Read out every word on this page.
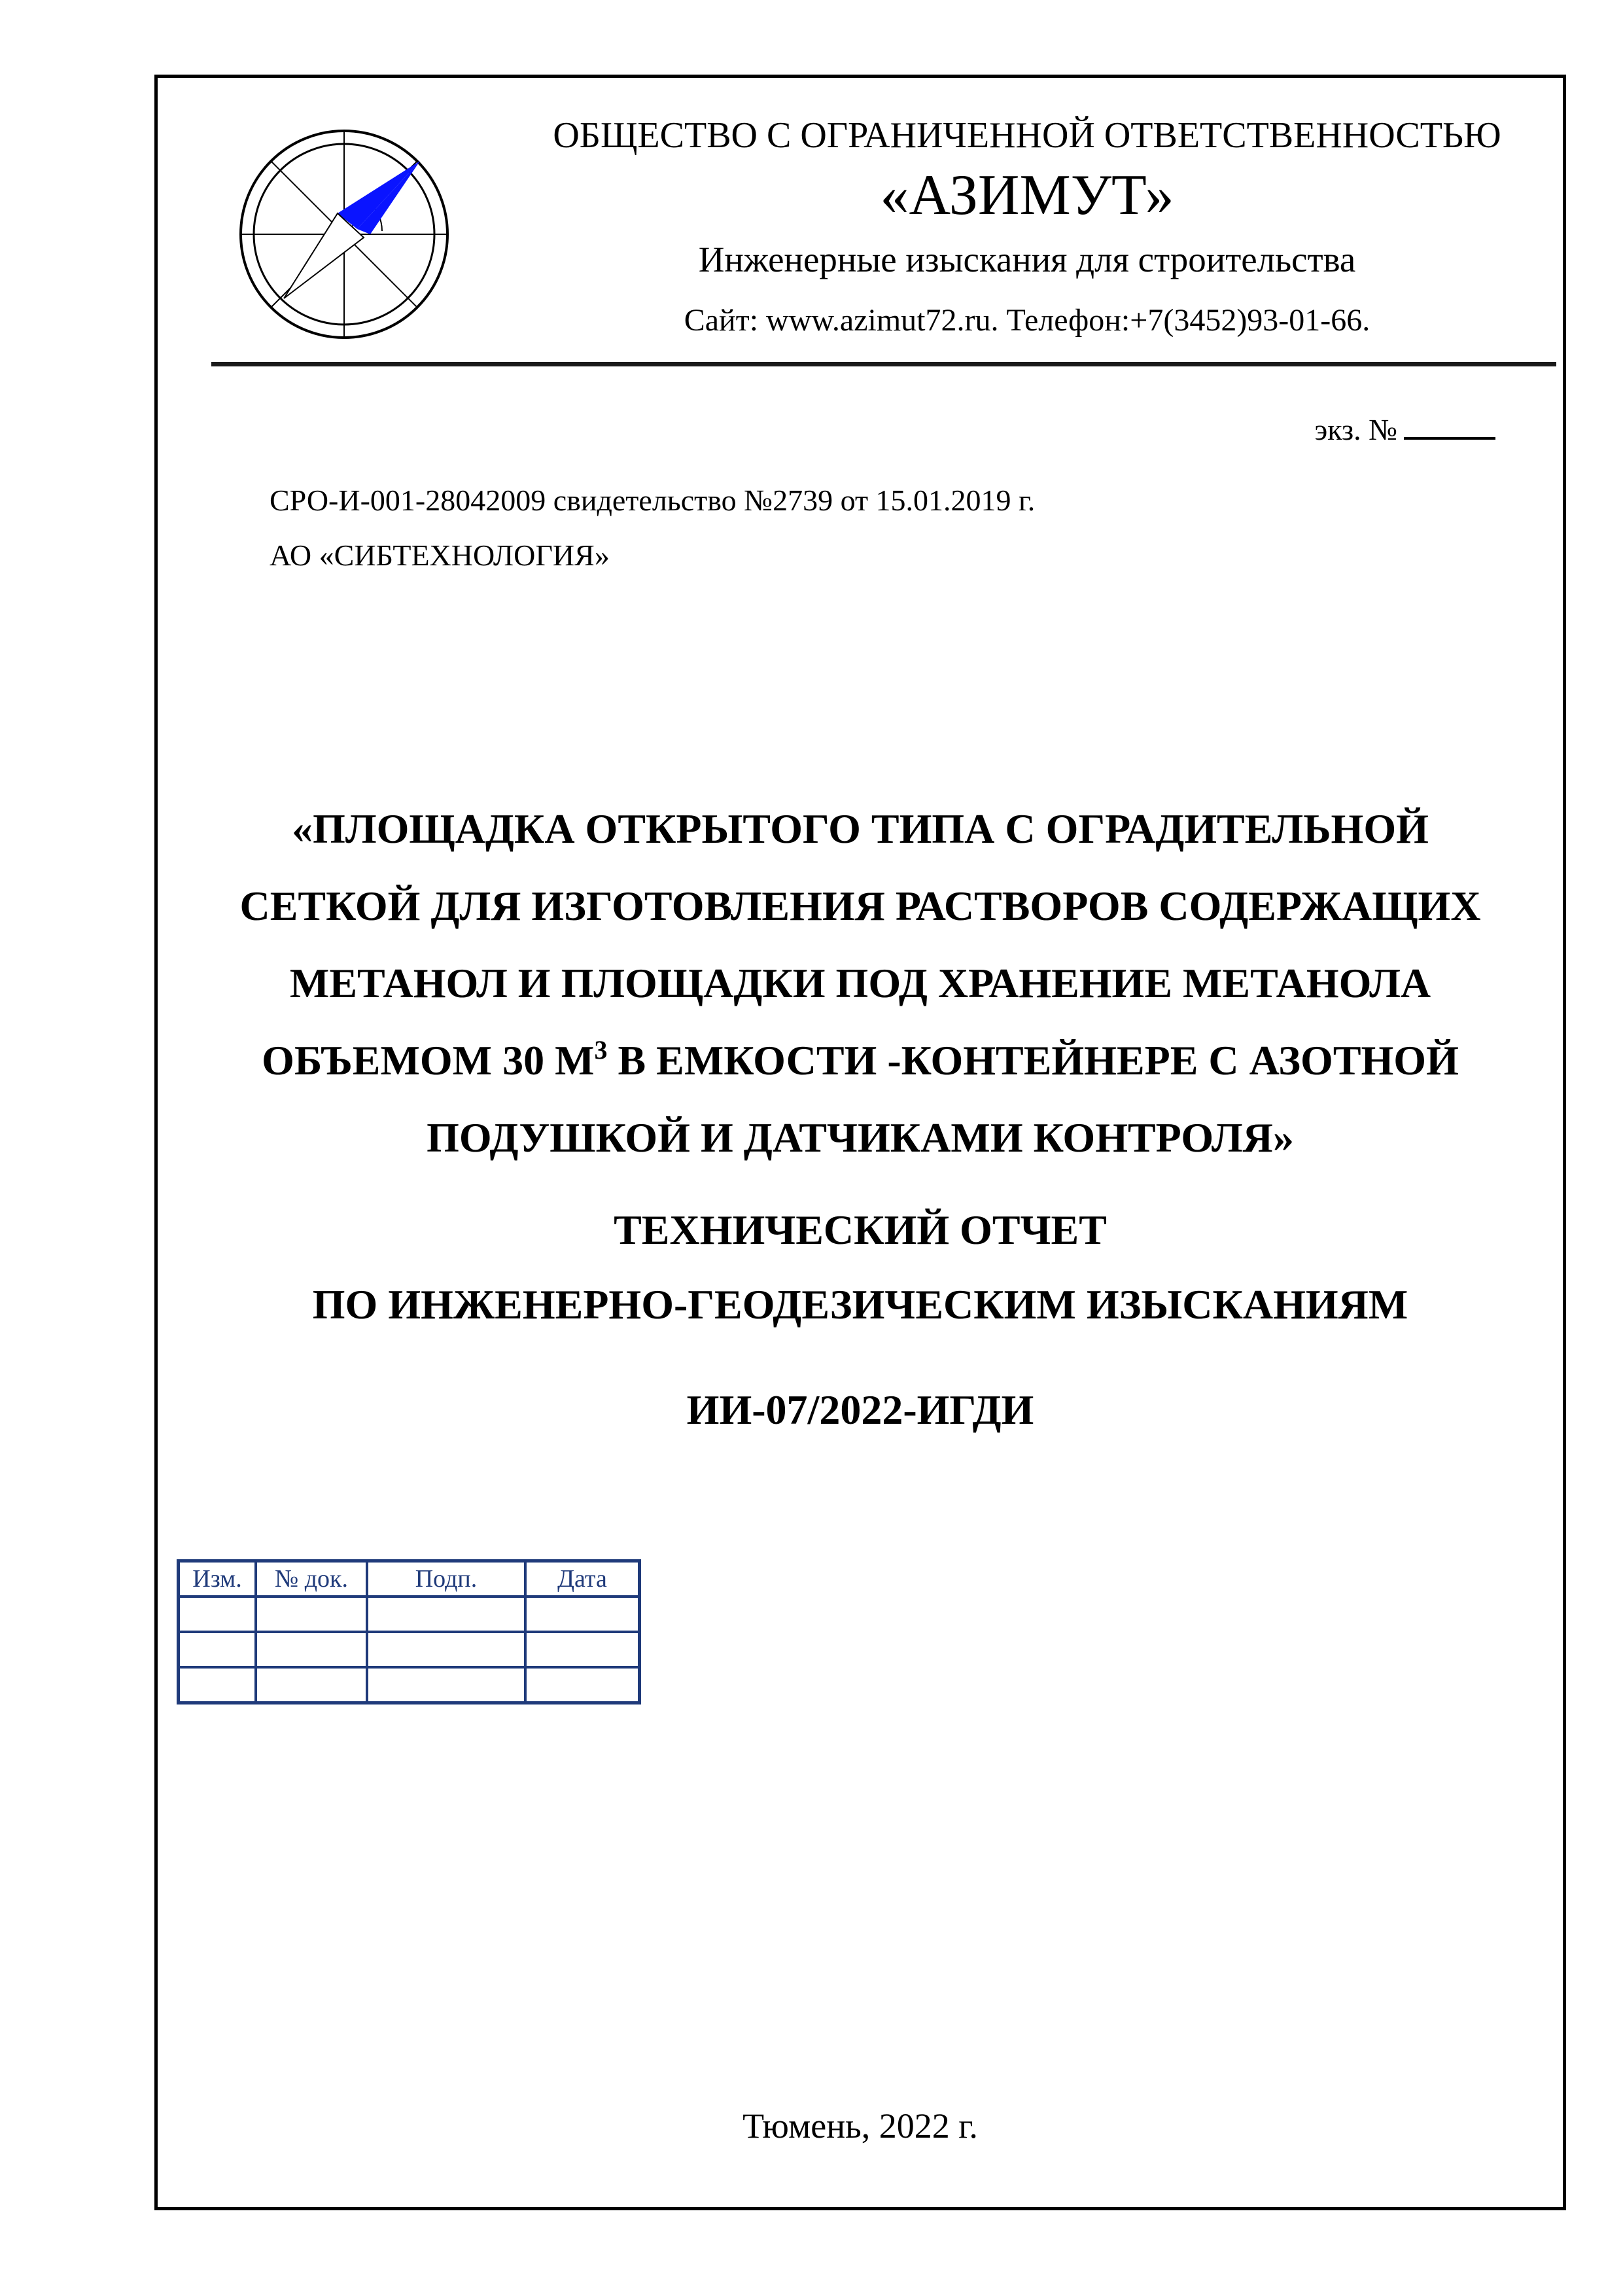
ОБЩЕСТВО С ОГРАНИЧЕННОЙ ОТВЕТСТВЕННОСТЬЮ
«АЗИМУТ»
Инженерные изыскания для строительства
Сайт: www.azimut72.ru. Телефон:+7(3452)93-01-66.
экз. №
СРО-И-001-28042009 свидетельство №2739 от 15.01.2019 г.
АО «СИБТЕХНОЛОГИЯ»
«ПЛОЩАДКА ОТКРЫТОГО ТИПА С ОГРАДИТЕЛЬНОЙ
СЕТКОЙ ДЛЯ ИЗГОТОВЛЕНИЯ РАСТВОРОВ СОДЕРЖАЩИХ
МЕТАНОЛ И ПЛОЩАДКИ ПОД ХРАНЕНИЕ МЕТАНОЛА
ОБЪЕМОМ 30 $М^3$ В ЕМКОСТИ -КОНТЕЙНЕРЕ С АЗОТНОЙ
ПОДУШКОЙ И ДАТЧИКАМИ КОНТРОЛЯ»
ТЕХНИЧЕСКИЙ ОТЧЕТ
ПО ИНЖЕНЕРНО-ГЕОДЕЗИЧЕСКИМ ИЗЫСКАНИЯМ
ИИ-07/2022-ИГДИ
Изм.	№ док.	Подп.	Дата

Тюмень, 2022 г.
